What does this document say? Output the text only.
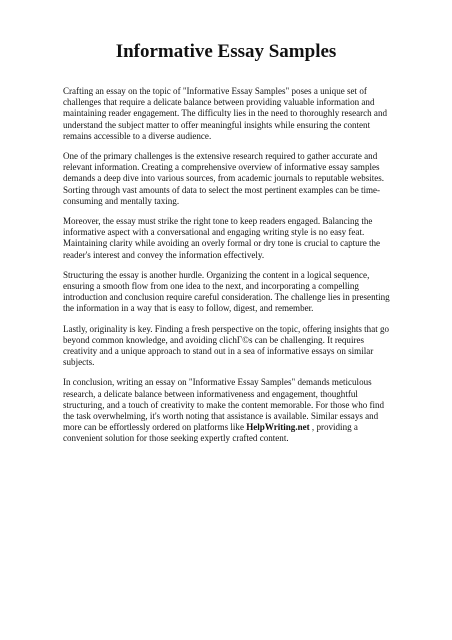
Informative Essay Samples

Crafting an essay on the topic of "Informative Essay Samples" poses a unique set of challenges that require a delicate balance between providing valuable information and maintaining reader engagement. The difficulty lies in the need to thoroughly research and understand the subject matter to offer meaningful insights while ensuring the content remains accessible to a diverse audience.

One of the primary challenges is the extensive research required to gather accurate and relevant information. Creating a comprehensive overview of informative essay samples demands a deep dive into various sources, from academic journals to reputable websites. Sorting through vast amounts of data to select the most pertinent examples can be time-consuming and mentally taxing.

Moreover, the essay must strike the right tone to keep readers engaged. Balancing the informative aspect with a conversational and engaging writing style is no easy feat. Maintaining clarity while avoiding an overly formal or dry tone is crucial to capture the reader's interest and convey the information effectively.

Structuring the essay is another hurdle. Organizing the content in a logical sequence, ensuring a smooth flow from one idea to the next, and incorporating a compelling introduction and conclusion require careful consideration. The challenge lies in presenting the information in a way that is easy to follow, digest, and remember.

Lastly, originality is key. Finding a fresh perspective on the topic, offering insights that go beyond common knowledge, and avoiding clichГ©s can be challenging. It requires creativity and a unique approach to stand out in a sea of informative essays on similar subjects.

In conclusion, writing an essay on "Informative Essay Samples" demands meticulous research, a delicate balance between informativeness and engagement, thoughtful structuring, and a touch of creativity to make the content memorable. For those who find the task overwhelming, it's worth noting that assistance is available. Similar essays and more can be effortlessly ordered on platforms like HelpWriting.net , providing a convenient solution for those seeking expertly crafted content.
